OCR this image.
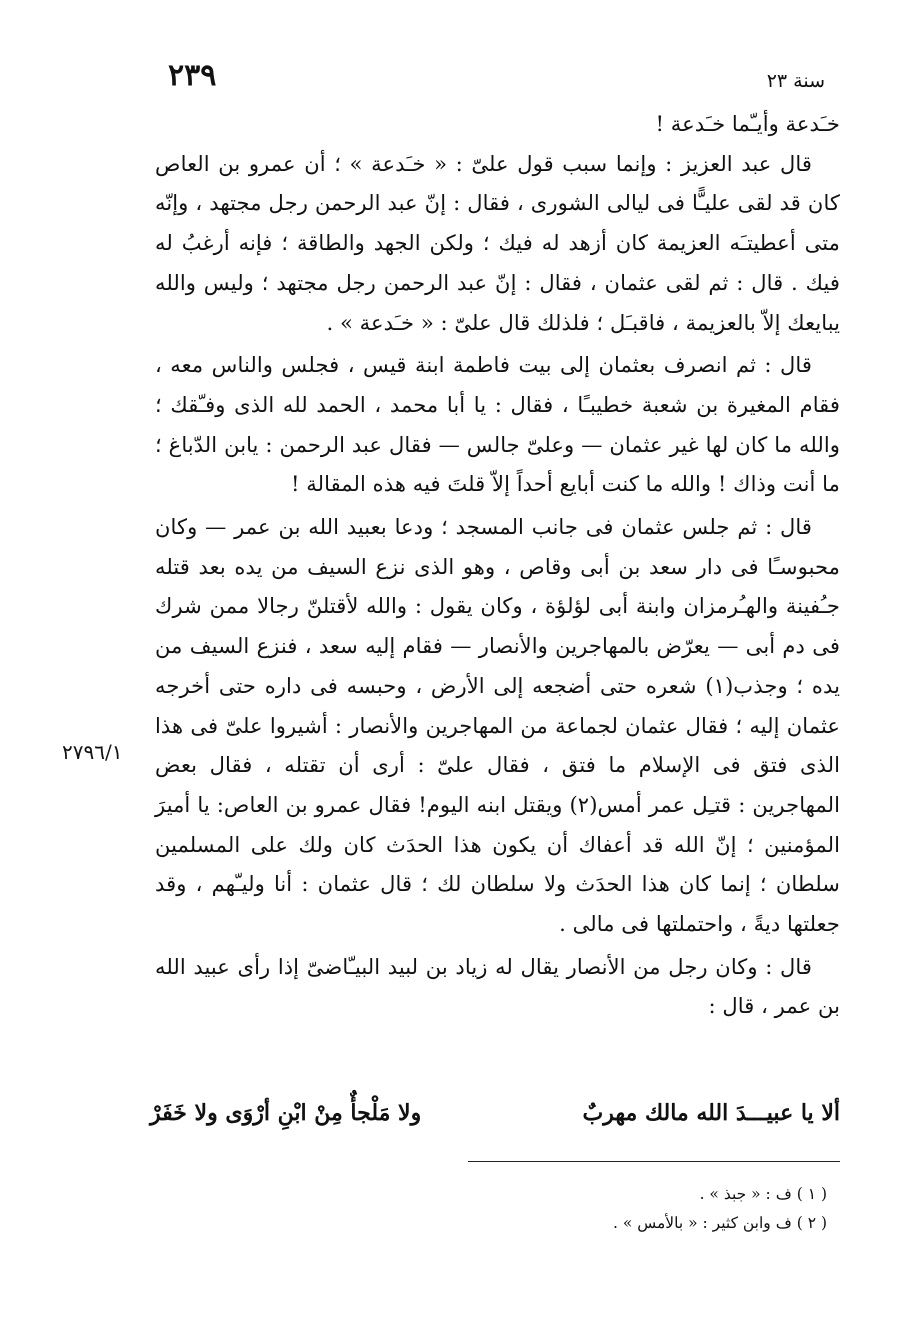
٢٣٩	سنة ٢٣

خـَدعة وأيـّما خـَدعة !

قال عبد العزيز : وإنما سبب قول علىّ : « خـَدعة » ؛ أن عمرو بن العاص كان قد لقى عليـًّا فى ليالى الشورى ، فقال : إنّ عبد الرحمن رجل مجتهد ، وإنّه متى أعطيتـَه العزيمة كان أزهد له فيك ؛ ولكن الجهد والطاقة ؛ فإنه أرغبُ له فيك . قال : ثم لقى عثمان ، فقال : إنّ عبد الرحمن رجل مجتهد ؛ وليس والله يبايعك إلاّ بالعزيمة ، فاقبـَل ؛ فلذلك قال علىّ : « خـَدعة » .

قال : ثم انصرف بعثمان إلى بيت فاطمة ابنة قيس ، فجلس والناس معه ، فقام المغيرة بن شعبة خطيبـًا ، فقال : يا أبا محمد ، الحمد لله الذى وفـّقك ؛ والله ما كان لها غير عثمان — وعلىّ جالس — فقال عبد الرحمن : يابن الدّباغ ؛ ما أنت وذاك ! والله ما كنت أبايع أحداً إلاّ قلتَ فيه هذه المقالة !

قال : ثم جلس عثمان فى جانب المسجد ؛ ودعا بعبيد الله بن عمر — وكان محبوسـًا فى دار سعد بن أبى وقاص ، وهو الذى نزع السيف من يده بعد قتله جـُفينة والهـُرمزان وابنة أبى لؤلؤة ، وكان يقول : والله لأقتلنّ رجالا ممن شرك فى دم أبى — يعرّض بالمهاجرين والأنصار — فقام إليه سعد ، فنزع السيف من يده ؛ وجذب(١) شعره حتى أضجعه إلى الأرض ، وحبسه فى داره حتى أخرجه عثمان إليه ؛ فقال عثمان لجماعة من المهاجرين والأنصار : أشيروا علىّ فى هذا الذى فتق فى الإسلام ما فتق ، فقال علىّ : أرى أن تقتله ، فقال بعض المهاجرين : قتـِل عمر أمس(٢) ويقتل ابنه اليوم! فقال عمرو بن العاص: يا أميرَ المؤمنين ؛ إنّ الله قد أعفاك أن يكون هذا الحدَث كان ولك على المسلمين سلطان ؛ إنما كان هذا الحدَث ولا سلطان لك ؛ قال عثمان : أنا وليـّهم ، وقد جعلتها ديةً ، واحتملتها فى مالى .

قال : وكان رجل من الأنصار يقال له زياد بن لبيد البيـّاضىّ إذا رأى عبيد الله بن عمر ، قال :

٢٧٩٦/١
ألا يا عبيـــدَ الله مالك مهربٌ
ولا مَلْجأٌ مِنْ ابْنِ أرْوَى ولا خَفَرْ
( ١ ) ف : « جبذ » .
( ٢ ) ف وابن كثير : « بالأمس » .
